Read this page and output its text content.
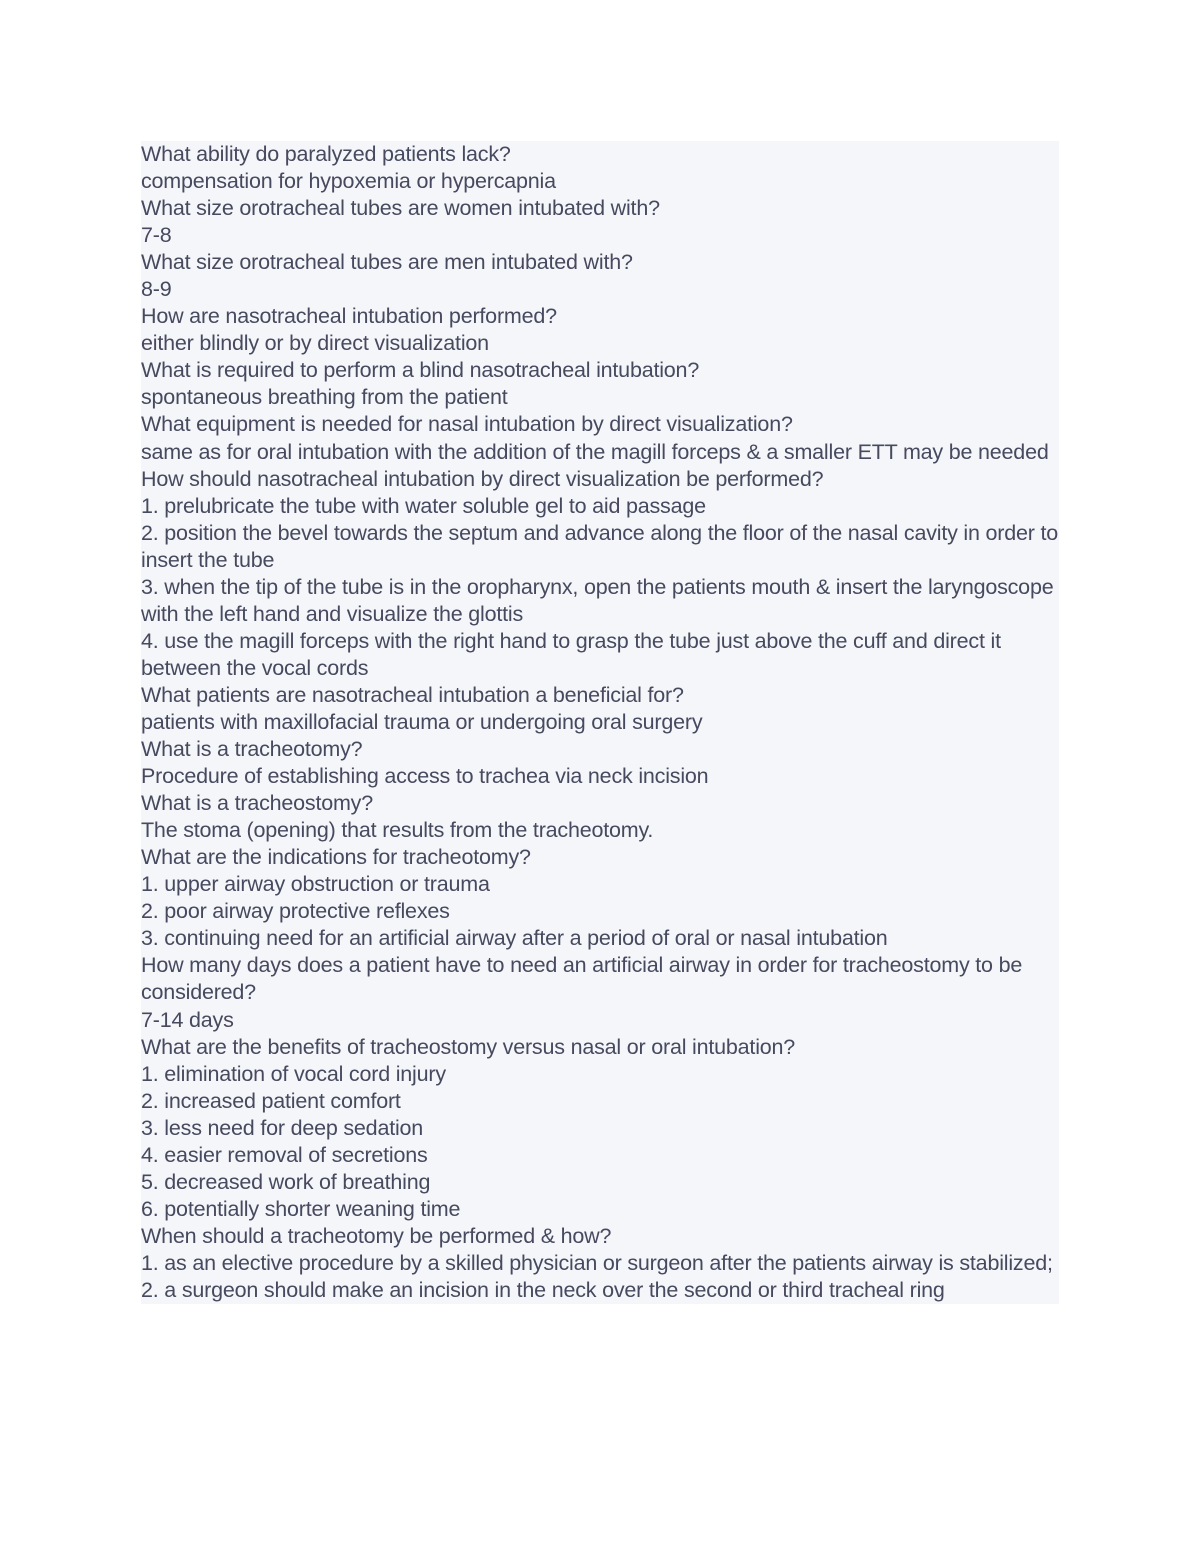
What ability do paralyzed patients lack?

compensation for hypoxemia or hypercapnia

What size orotracheal tubes are women intubated with?

7-8

What size orotracheal tubes are men intubated with?

8-9

How are nasotracheal intubation performed?

either blindly or by direct visualization

What is required to perform a blind nasotracheal intubation?

spontaneous breathing from the patient

What equipment is needed for nasal intubation by direct visualization?

same as for oral intubation with the addition of the magill forceps & a smaller ETT may be needed

How should nasotracheal intubation by direct visualization be performed?

1. prelubricate the tube with water soluble gel to aid passage

2. position the bevel towards the septum and advance along the floor of the nasal cavity in order to insert the tube

3. when the tip of the tube is in the oropharynx, open the patients mouth & insert the laryngoscope with the left hand and visualize the glottis

4. use the magill forceps with the right hand to grasp the tube just above the cuff and direct it between the vocal cords

What patients are nasotracheal intubation a beneficial for?

patients with maxillofacial trauma or undergoing oral surgery

What is a tracheotomy?

Procedure of establishing access to trachea via neck incision

What is a tracheostomy?

The stoma (opening) that results from the tracheotomy.

What are the indications for tracheotomy?

1. upper airway obstruction or trauma

2. poor airway protective reflexes

3. continuing need for an artificial airway after a period of oral or nasal intubation

How many days does a patient have to need an artificial airway in order for tracheostomy to be considered?

7-14 days

What are the benefits of tracheostomy versus nasal or oral intubation?

1. elimination of vocal cord injury

2. increased patient comfort

3. less need for deep sedation

4. easier removal of secretions

5. decreased work of breathing

6. potentially shorter weaning time

When should a tracheotomy be performed & how?

1. as an elective procedure by a skilled physician or surgeon after the patients airway is stabilized;

2. a surgeon should make an incision in the neck over the second or third tracheal ring
